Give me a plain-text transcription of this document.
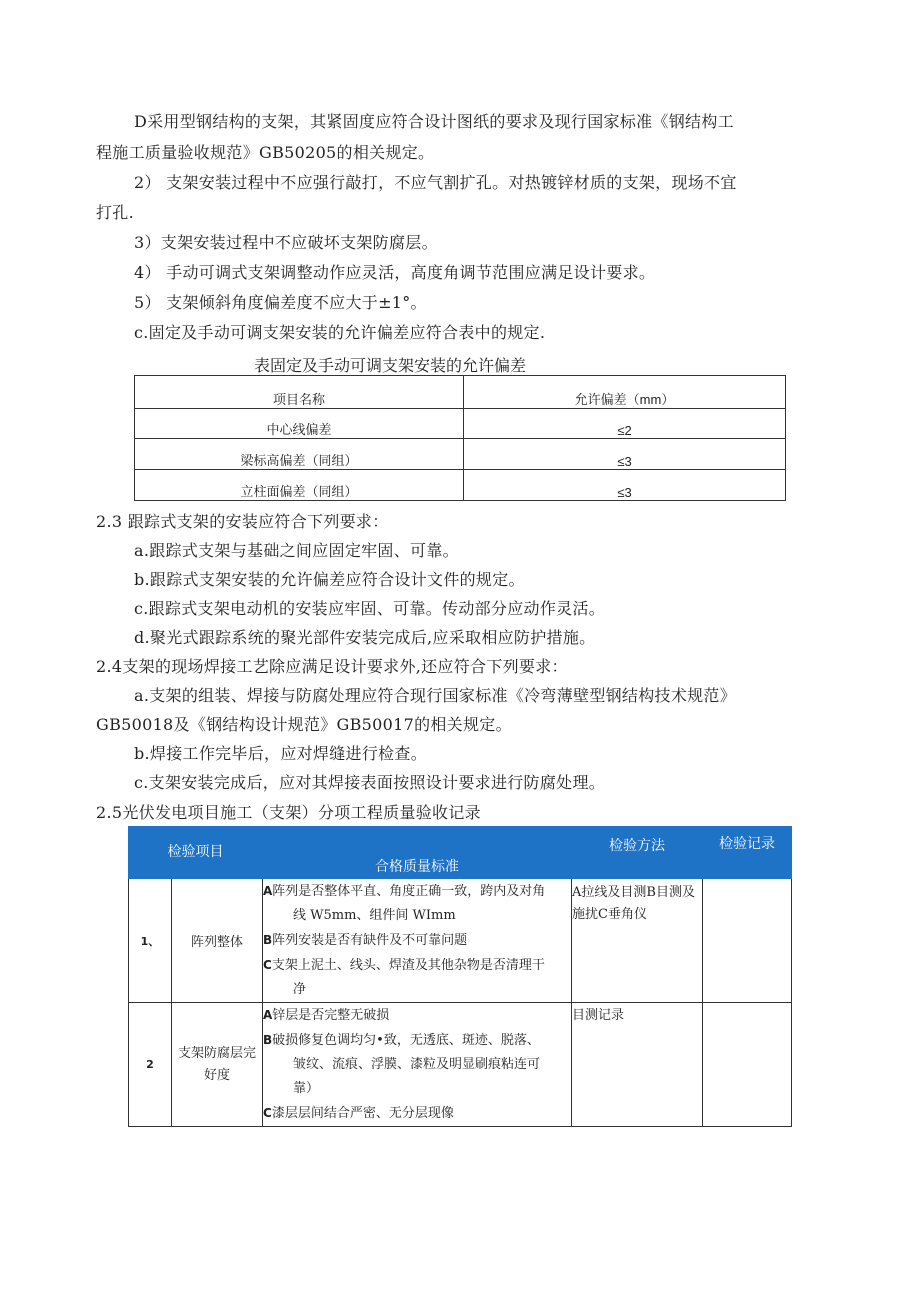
D采用型钢结构的支架，其紧固度应符合设计图纸的要求及现行国家标准《钢结构工
程施工质量验收规范》GB50205的相关规定。
2） 支架安装过程中不应强行敲打，不应气割扩孔。对热镀锌材质的支架，现场不宜
打孔.
3）支架安装过程中不应破坏支架防腐层。
4） 手动可调式支架调整动作应灵活，高度角调节范围应满足设计要求。
5） 支架倾斜角度偏差度不应大于±1°。
c.固定及手动可调支架安装的允许偏差应符合表中的规定.
表固定及手动可调支架安装的允许偏差
项目名称	允许偏差（mm）
中心线偏差	≤2
梁标高偏差（同组）	≤3
立柱面偏差（同组）	≤3
2.3 跟踪式支架的安装应符合下列要求：
a.跟踪式支架与基础之间应固定牢固、可靠。
b.跟踪式支架安装的允许偏差应符合设计文件的规定。
c.跟踪式支架电动机的安装应牢固、可靠。传动部分应动作灵活。
d.聚光式跟踪系统的聚光部件安装完成后,应采取相应防护措施。
2.4支架的现场焊接工艺除应满足设计要求外,还应符合下列要求：
a.支架的组装、焊接与防腐处理应符合现行国家标准《冷弯薄壁型钢结构技术规范》
GB50018及《钢结构设计规范》GB50017的相关规定。
b.焊接工作完毕后，应对焊缝进行检查。
c.支架安装完成后，应对其焊接表面按照设计要求进行防腐处理。
2.5光伏发电项目施工（支架）分项工程质量验收记录
检验项目		合格质量标准	检验方法	检验记录
1、	阵列整体	A阵列是否整体平直、角度正确一致，跨内及对角
线 W5mm、组件间 WImm
B阵列安装是否有缺件及不可靠问题
C支架上泥土、线头、焊渣及其他杂物是否清理干
净	A拉线及目测B目测及施扰C垂角仪	
2	支架防腐层完好度	A锌层是否完整无破损
B破损修复色调均匀•致，无透底、斑迹、脱落、
皱纹、流痕、浮膜、漆粒及明显刷痕粘连可
靠）
C漆层层间结合严密、无分层现像	目测记录	
